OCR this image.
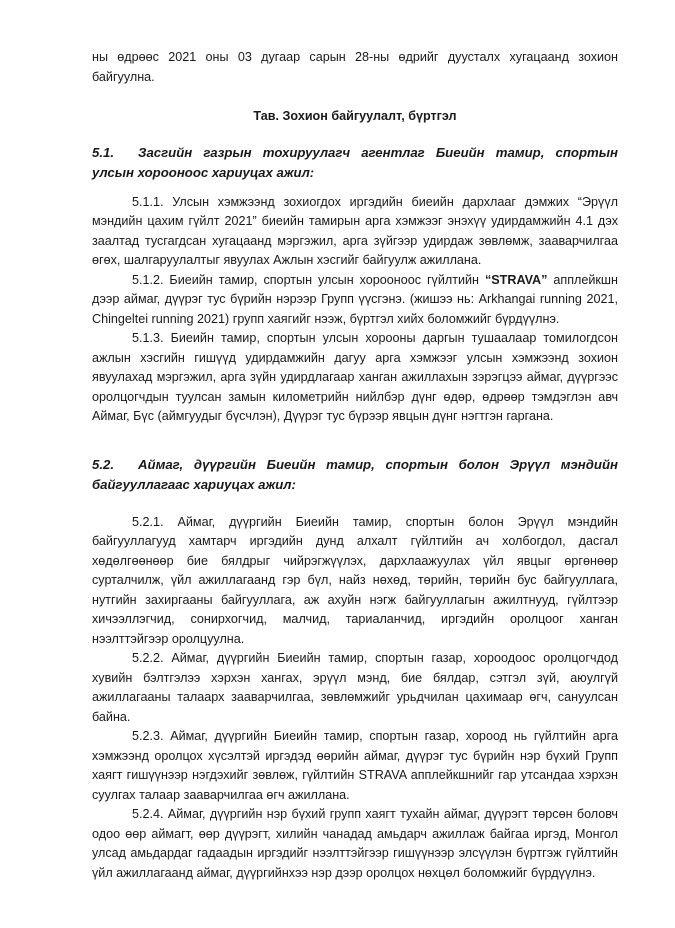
ны өдрөөс 2021 оны 03 дугаар сарын 28-ны өдрийг дуусталх хугацаанд зохион байгуулна.

Тав. Зохион байгуулалт, бүртгэл
5.1. Засгийн газрын тохируулагч агентлаг Биеийн тамир, спортын улсын хорооноос хариуцах ажил:

5.1.1. Улсын хэмжээнд зохиогдох иргэдийн биеийн дархлааг дэмжих “Эрүүл мэндийн цахим гүйлт 2021” биеийн тамирын арга хэмжээг энэхүү удирдамжийн 4.1 дэх заалтад тусгагдсан хугацаанд мэргэжил, арга зүйгээр удирдаж зөвлөмж, зааварчилгаа өгөх, шалгаруулалтыг явуулах Ажлын хэсгийг байгуулж ажиллана.

5.1.2. Биеийн тамир, спортын улсын хорооноос гүйлтийн “STRAVA” апплейкшн дээр аймаг, дүүрэг тус бүрийн нэрээр Групп үүсгэнэ. (жишээ нь: Arkhangai running 2021, Chingeltei running 2021) групп хаягийг нээж, бүртгэл хийх боломжийг бүрдүүлнэ.

5.1.3. Биеийн тамир, спортын улсын хорооны даргын тушаалаар томилогдсон ажлын хэсгийн гишүүд удирдамжийн дагуу арга хэмжээг улсын хэмжээнд зохион явуулахад мэргэжил, арга зүйн удирдлагаар ханган ажиллахын зэрэгцээ аймаг, дүүргээс оролцогчдын туулсан замын километрийн нийлбэр дүнг өдөр, өдрөөр тэмдэглэн авч Аймаг, Бүс (аймгуудыг бүсчлэн), Дүүрэг тус бүрээр явцын дүнг нэгтгэн гаргана.

5.2. Аймаг, дүүргийн Биеийн тамир, спортын болон Эрүүл мэндийн байгууллагаас хариуцах ажил:

5.2.1. Аймаг, дүүргийн Биеийн тамир, спортын болон Эрүүл мэндийн байгууллагууд хамтарч иргэдийн дунд алхалт гүйлтийн ач холбогдол, дасгал хөдөлгөөнөөр бие бялдрыг чийрэгжүүлэх, дархлаажуулах үйл явцыг өргөнөөр сурталчилж, үйл ажиллагаанд гэр бүл, найз нөхөд, төрийн, төрийн бус байгууллага, нутгийн захиргааны байгууллага, аж ахуйн нэгж байгууллагын ажилтнууд, гүйлтээр хичээллэгчид, сонирхогчид, малчид, тариаланчид, иргэдийн оролцоог ханган нээлттэйгээр оролцуулна.

5.2.2. Аймаг, дүүргийн Биеийн тамир, спортын газар, хороодоос оролцогчдод хувийн бэлтгэлээ хэрхэн хангах, эрүүл мэнд, бие бялдар, сэтгэл зүй, аюулгүй ажиллагааны талаарх зааварчилгаа, зөвлөмжийг урьдчилан цахимаар өгч, сануулсан байна.

5.2.3. Аймаг, дүүргийн Биеийн тамир, спортын газар, хороод нь гүйлтийн арга хэмжээнд оролцох хүсэлтэй иргэдэд өөрийн аймаг, дүүрэг тус бүрийн нэр бүхий Групп хаягт гишүүнээр нэгдэхийг зөвлөж, гүйлтийн STRAVA апплейкшнийг гар утсандаа хэрхэн суулгах талаар зааварчилгаа өгч ажиллана.

5.2.4. Аймаг, дүүргийн нэр бүхий групп хаягт тухайн аймаг, дүүрэгт төрсөн боловч одоо өөр аймагт, өөр дүүрэгт, хилийн чанадад амьдарч ажиллаж байгаа иргэд, Монгол улсад амьдардаг гадаадын иргэдийг нээлттэйгээр гишүүнээр элсүүлэн бүртгэж гүйлтийн үйл ажиллагаанд аймаг, дүүргийнхээ нэр дээр оролцох нөхцөл боломжийг бүрдүүлнэ.
